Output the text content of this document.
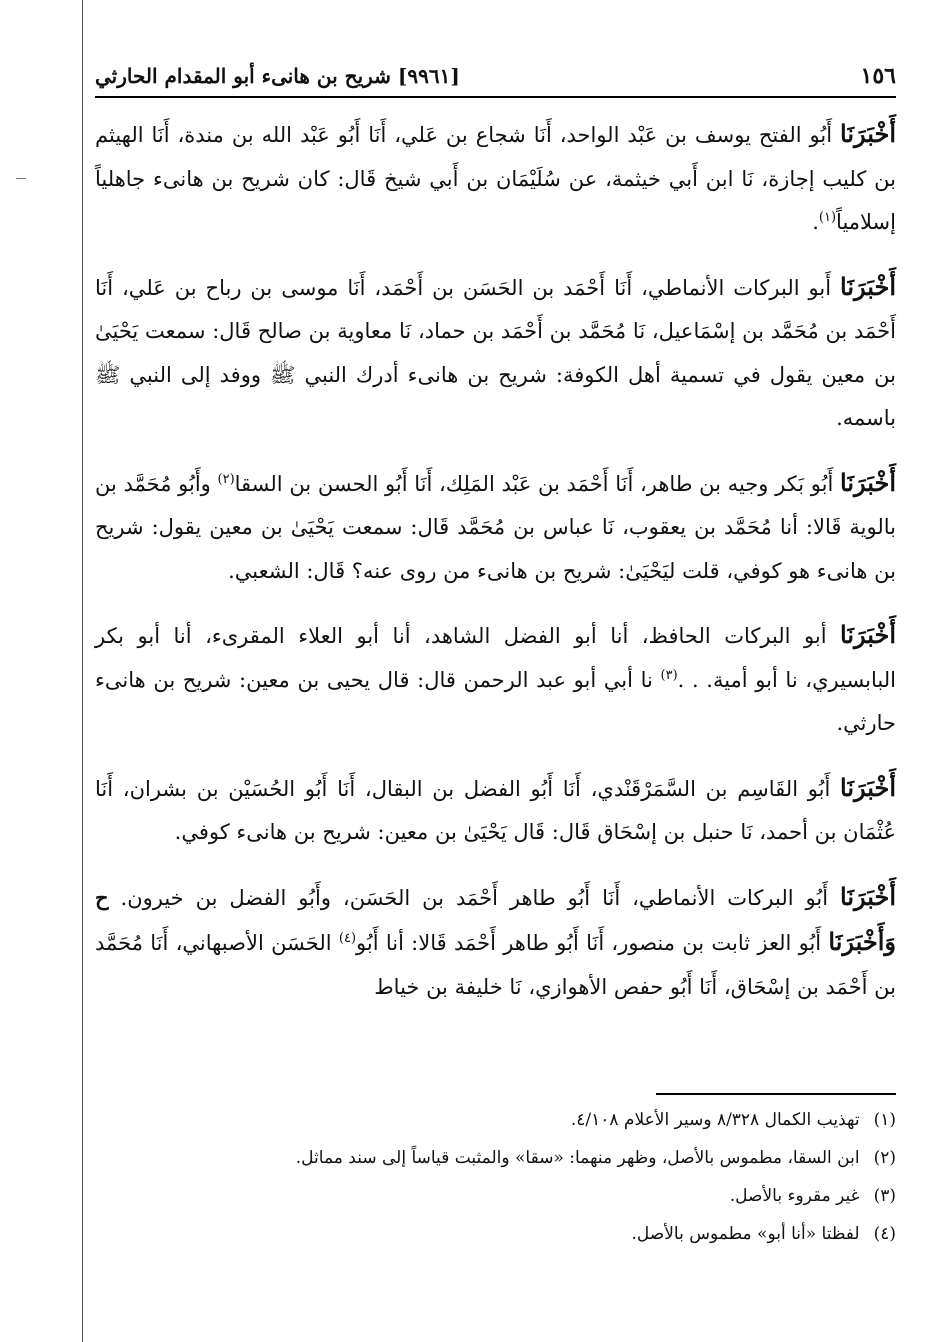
١٥٦
[٩٩٦١] شريح بن هانىء أبو المقدام الحارثي

أَخْبَرَنَا أَبُو الفتح يوسف بن عَبْد الواحد، أَنَا شجاع بن عَلي، أَنَا أَبُو عَبْد الله بن مندة، أَنَا الهيثم بن كليب إجازة، نَا ابن أَبي خيثمة، عن سُلَيْمَان بن أَبي شيخ قَال: كان شريح بن هانىء جاهلياً إسلامياً$^{(١)}$.

أَخْبَرَنَا أَبو البركات الأنماطي، أَنَا أَحْمَد بن الحَسَن بن أَحْمَد، أَنَا موسى بن رباح بن عَلي، أَنَا أَحْمَد بن مُحَمَّد بن إسْمَاعيل، نَا مُحَمَّد بن أَحْمَد بن حماد، نَا معاوية بن صالح قَال: سمعت يَحْيَىٰ بن معين يقول في تسمية أهل الكوفة: شريح بن هانىء أدرك النبي ﷺ ووفد إلى النبي ﷺ باسمه.

أَخْبَرَنَا أَبُو بَكر وجيه بن طاهر، أَنَا أَحْمَد بن عَبْد المَلِك، أَنَا أَبُو الحسن بن السقا$^{(٢)}$ وأَبُو مُحَمَّد بن بالوية قَالا: أنا مُحَمَّد بن يعقوب، نَا عباس بن مُحَمَّد قَال: سمعت يَحْيَىٰ بن معين يقول: شريح بن هانىء هو كوفي، قلت ليَحْيَىٰ: شريح بن هانىء من روى عنه؟ قَال: الشعبي.

أَخْبَرَنَا أبو البركات الحافظ، أنا أبو الفضل الشاهد، أنا أبو العلاء المقرىء، أنا أبو بكر البابسيري، نا أبو أمية. . .$^{(٣)}$ نا أبي أبو عبد الرحمن قال: قال يحيى بن معين: شريح بن هانىء حارثي.

أَخْبَرَنَا أَبُو القَاسِم بن السَّمَرْقَنْدي، أَنَا أَبُو الفضل بن البقال، أَنَا أَبُو الحُسَيْن بن بشران، أَنَا عُثْمَان بن أحمد، نَا حنبل بن إسْحَاق قَال: قَال يَحْيَىٰ بن معين: شريح بن هانىء كوفي.

أَخْبَرَنَا أَبُو البركات الأنماطي، أَنَا أَبُو طاهر أَحْمَد بن الحَسَن، وأَبُو الفضل بن خيرون. ح وَأَخْبَرَنَا أَبُو العز ثابت بن منصور، أَنَا أَبُو طاهر أَحْمَد قَالا: أنا أَبُو$^{(٤)}$ الحَسَن الأصبهاني، أَنَا مُحَمَّد بن أَحْمَد بن إسْحَاق، أَنَا أَبُو حفص الأهوازي، نَا خليفة بن خياط

(١)
تهذيب الكمال ٨/٣٢٨ وسير الأعلام ٤/١٠٨.
(٢)
ابن السقا، مطموس بالأصل، وظهر منهما: «سقا» والمثبت قياساً إلى سند مماثل.
(٣)
غير مقروء بالأصل.
(٤)
لفظتا «أنا أبو» مطموس بالأصل.
